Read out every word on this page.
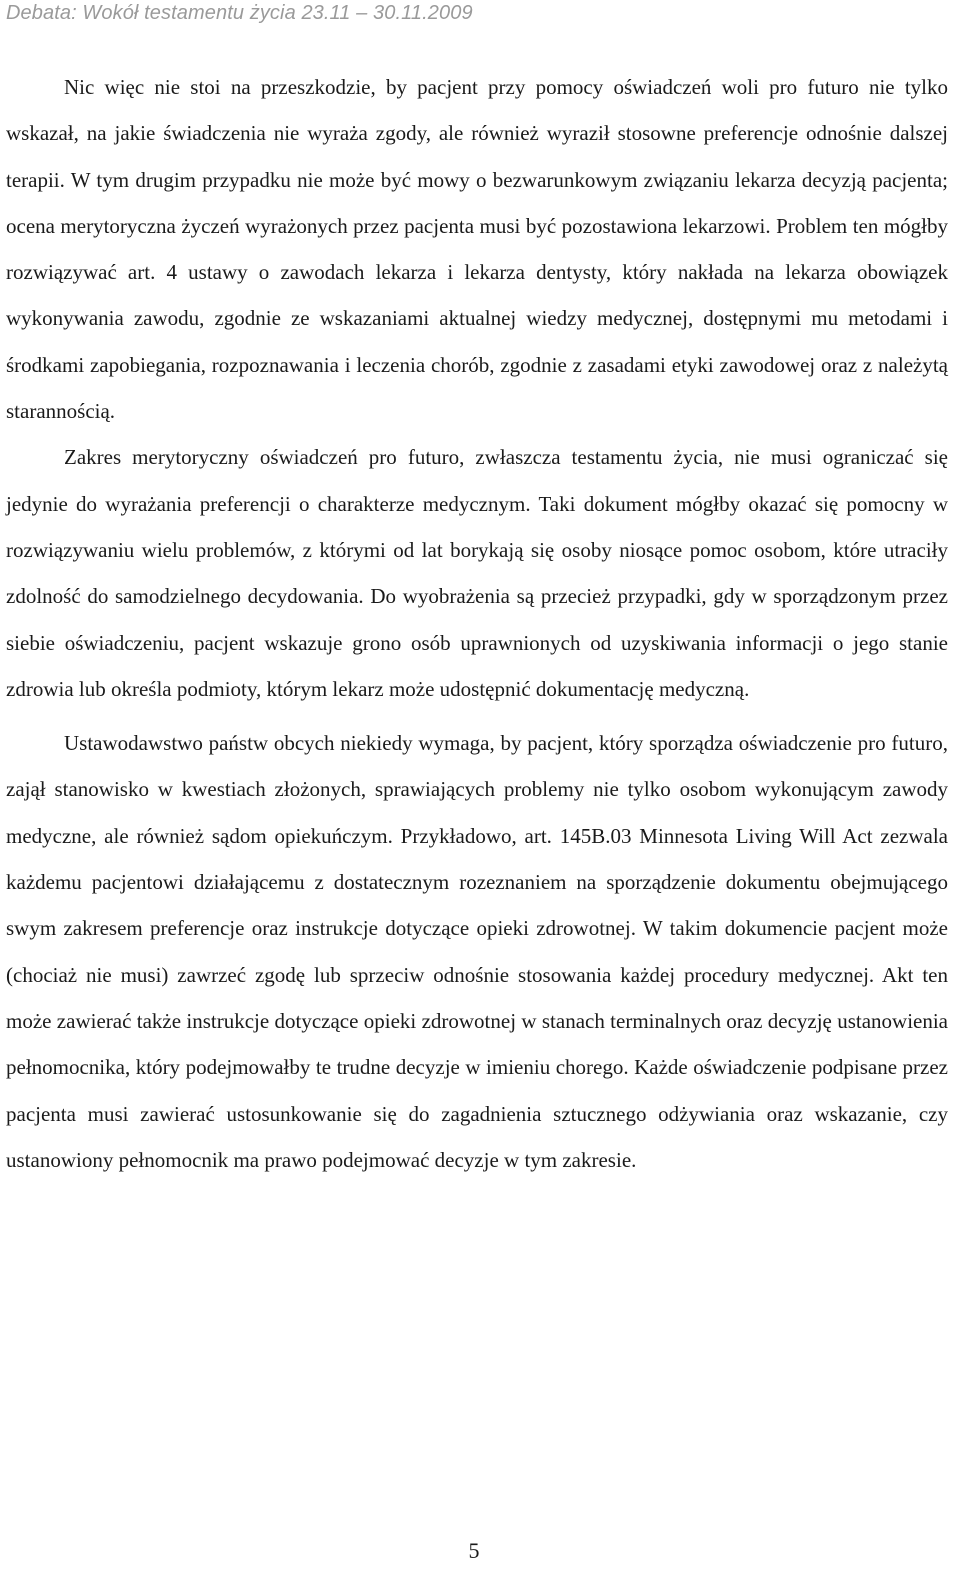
Debata: Wokół testamentu życia 23.11 – 30.11.2009

Nic więc nie stoi na przeszkodzie, by pacjent przy pomocy oświadczeń woli pro futuro nie tylko wskazał, na jakie świadczenia nie wyraża zgody, ale również wyraził stosowne preferencje odnośnie dalszej terapii. W tym drugim przypadku nie może być mowy o bezwarunkowym związaniu lekarza decyzją pacjenta; ocena merytoryczna życzeń wyrażonych przez pacjenta musi być pozostawiona lekarzowi. Problem ten mógłby rozwiązywać art. 4 ustawy o zawodach lekarza i lekarza dentysty, który nakłada na lekarza obowiązek wykonywania zawodu, zgodnie ze wskazaniami aktualnej wiedzy medycznej, dostępnymi mu metodami i środkami zapobiegania, rozpoznawania i leczenia chorób, zgodnie z zasadami etyki zawodowej oraz z należytą starannością.

Zakres merytoryczny oświadczeń pro futuro, zwłaszcza testamentu życia, nie musi ograniczać się jedynie do wyrażania preferencji o charakterze medycznym. Taki dokument mógłby okazać się pomocny w rozwiązywaniu wielu problemów, z którymi od lat borykają się osoby niosące pomoc osobom, które utraciły zdolność do samodzielnego decydowania. Do wyobrażenia są przecież przypadki, gdy w sporządzonym przez siebie oświadczeniu, pacjent wskazuje grono osób uprawnionych od uzyskiwania informacji o jego stanie zdrowia lub określa podmioty, którym lekarz może udostępnić dokumentację medyczną.

Ustawodawstwo państw obcych niekiedy wymaga, by pacjent, który sporządza oświadczenie pro futuro, zajął stanowisko w kwestiach złożonych, sprawiających problemy nie tylko osobom wykonującym zawody medyczne, ale również sądom opiekuńczym. Przykładowo, art. 145B.03 Minnesota Living Will Act zezwala każdemu pacjentowi działającemu z dostatecznym rozeznaniem na sporządzenie dokumentu obejmującego swym zakresem preferencje oraz instrukcje dotyczące opieki zdrowotnej. W takim dokumencie pacjent może (chociaż nie musi) zawrzeć zgodę lub sprzeciw odnośnie stosowania każdej procedury medycznej. Akt ten może zawierać także instrukcje dotyczące opieki zdrowotnej w stanach terminalnych oraz decyzję ustanowienia pełnomocnika, który podejmowałby te trudne decyzje w imieniu chorego. Każde oświadczenie podpisane przez pacjenta musi zawierać ustosunkowanie się do zagadnienia sztucznego odżywiania oraz wskazanie, czy ustanowiony pełnomocnik ma prawo podejmować decyzje w tym zakresie.

5
